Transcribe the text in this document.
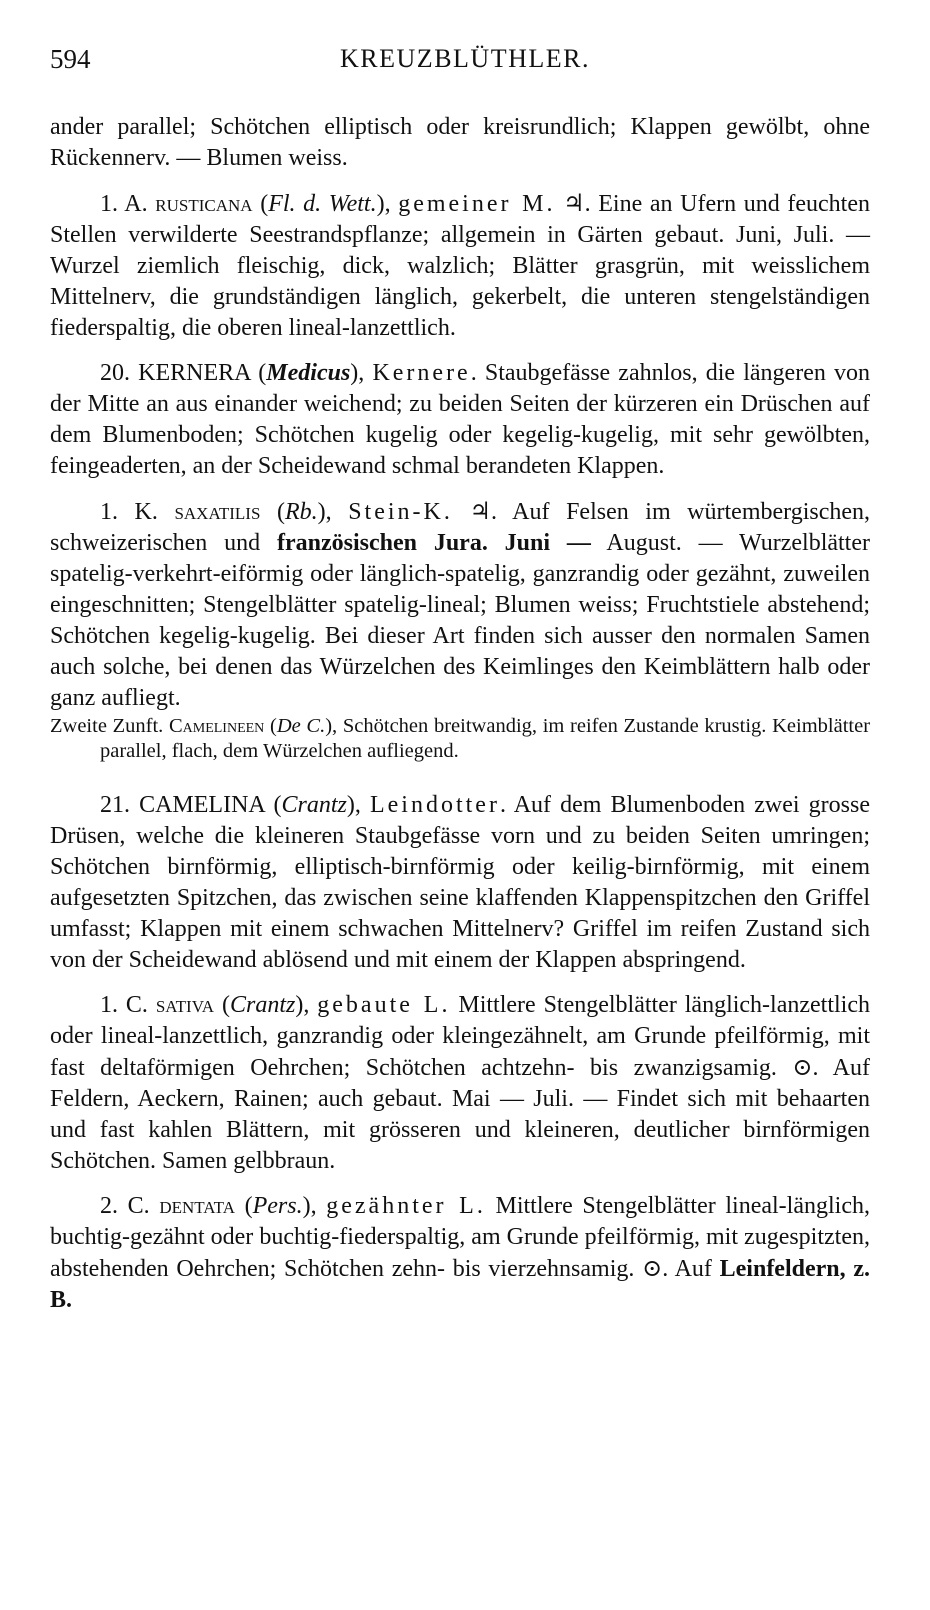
594	KREUZBLÜTHLER.

ander parallel; Schötchen elliptisch oder kreisrundlich; Klappen gewölbt, ohne Rückennerv. — Blumen weiss.

1. A. rusticana (Fl. d. Wett.), gemeiner M. ♃. Eine an Ufern und feuchten Stellen verwilderte Seestrandspflanze; allgemein in Gärten gebaut. Juni, Juli. — Wurzel ziemlich fleischig, dick, walzlich; Blätter grasgrün, mit weisslichem Mittelnerv, die grundständigen länglich, gekerbelt, die unteren stengelständigen fiederspaltig, die oberen lineal-lanzettlich.

20. KERNERA (Medicus), Kernere. Staubgefässe zahnlos, die längeren von der Mitte an aus einander weichend; zu beiden Seiten der kürzeren ein Drüschen auf dem Blumenboden; Schötchen kugelig oder kegelig-kugelig, mit sehr gewölbten, feingeaderten, an der Scheidewand schmal berandeten Klappen.

1. K. saxatilis (Rb.), Stein-K. ♃. Auf Felsen im würtembergischen, schweizerischen und französischen Jura. Juni — August. — Wurzelblätter spatelig-verkehrt-eiförmig oder länglich-spatelig, ganzrandig oder gezähnt, zuweilen eingeschnitten; Stengelblätter spatelig-lineal; Blumen weiss; Fruchtstiele abstehend; Schötchen kegelig-kugelig. Bei dieser Art finden sich ausser den normalen Samen auch solche, bei denen das Würzelchen des Keimlinges den Keimblättern halb oder ganz aufliegt.

Zweite Zunft. Camelineen (De C.), Schötchen breitwandig, im reifen Zustande krustig. Keimblätter parallel, flach, dem Würzelchen aufliegend.

21. CAMELINA (Crantz), Leindotter. Auf dem Blumenboden zwei grosse Drüsen, welche die kleineren Staubgefässe vorn und zu beiden Seiten umringen; Schötchen birnförmig, elliptisch-birnförmig oder keilig-birnförmig, mit einem aufgesetzten Spitzchen, das zwischen seine klaffenden Klappenspitzchen den Griffel umfasst; Klappen mit einem schwachen Mittelnerv? Griffel im reifen Zustand sich von der Scheidewand ablösend und mit einem der Klappen abspringend.

1. C. sativa (Crantz), gebaute L. Mittlere Stengelblätter länglich-lanzettlich oder lineal-lanzettlich, ganzrandig oder kleingezähnelt, am Grunde pfeilförmig, mit fast deltaförmigen Oehrchen; Schötchen achtzehn- bis zwanzigsamig. ⊙. Auf Feldern, Aeckern, Rainen; auch gebaut. Mai — Juli. — Findet sich mit behaarten und fast kahlen Blättern, mit grösseren und kleineren, deutlicher birnförmigen Schötchen. Samen gelbbraun.

2. C. dentata (Pers.), gezähnter L. Mittlere Stengelblätter lineal-länglich, buchtig-gezähnt oder buchtig-fiederspaltig, am Grunde pfeilförmig, mit zugespitzten, abstehenden Oehrchen; Schötchen zehn- bis vierzehnsamig. ⊙. Auf Leinfeldern, z. B.
